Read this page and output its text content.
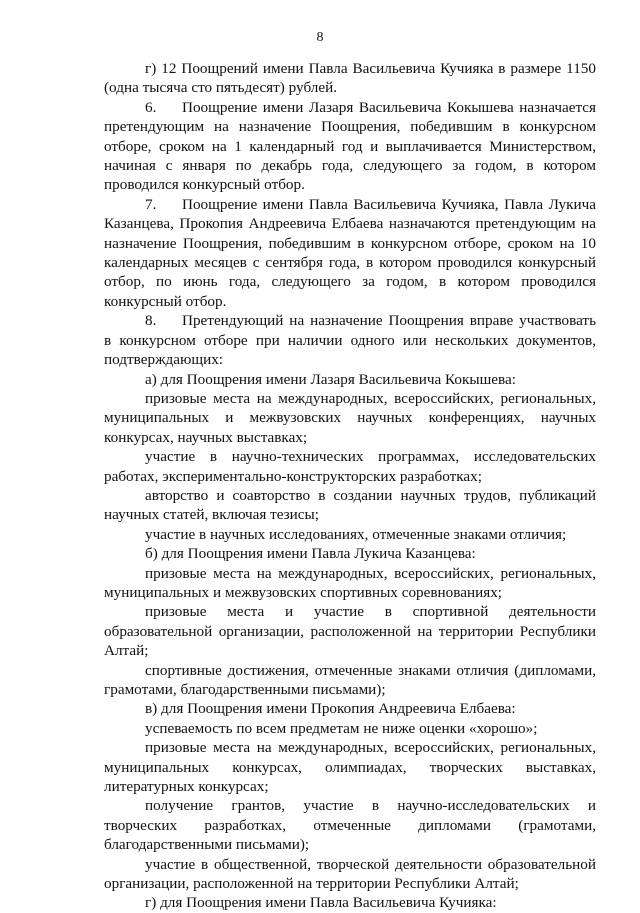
8

г) 12 Поощрений имени Павла Васильевича Кучияка в размере 1150 (одна тысяча сто пятьдесят) рублей.

6. Поощрение имени Лазаря Васильевича Кокышева назначается претендующим на назначение Поощрения, победившим в конкурсном отборе, сроком на 1 календарный год и выплачивается Министерством, начиная с января по декабрь года, следующего за годом, в котором проводился конкурсный отбор.

7. Поощрение имени Павла Васильевича Кучияка, Павла Лукича Казанцева, Прокопия Андреевича Елбаева назначаются претендующим на назначение Поощрения, победившим в конкурсном отборе, сроком на 10 календарных месяцев с сентября года, в котором проводился конкурсный отбор, по июнь года, следующего за годом, в котором проводился конкурсный отбор.

8. Претендующий на назначение Поощрения вправе участвовать в конкурсном отборе при наличии одного или нескольких документов, подтверждающих:

а) для Поощрения имени Лазаря Васильевича Кокышева:

призовые места на международных, всероссийских, региональных, муниципальных и межвузовских научных конференциях, научных конкурсах, научных выставках;

участие в научно-технических программах, исследовательских работах, экспериментально-конструкторских разработках;

авторство и соавторство в создании научных трудов, публикаций научных статей, включая тезисы;

участие в научных исследованиях, отмеченные знаками отличия;

б) для Поощрения имени Павла Лукича Казанцева:

призовые места на международных, всероссийских, региональных, муниципальных и межвузовских спортивных соревнованиях;

призовые места и участие в спортивной деятельности образовательной организации, расположенной на территории Республики Алтай;

спортивные достижения, отмеченные знаками отличия (дипломами, грамотами, благодарственными письмами);

в) для Поощрения имени Прокопия Андреевича Елбаева:

успеваемость по всем предметам не ниже оценки «хорошо»;

призовые места на международных, всероссийских, региональных, муниципальных конкурсах, олимпиадах, творческих выставках, литературных конкурсах;

получение грантов, участие в научно-исследовательских и творческих разработках, отмеченные дипломами (грамотами, благодарственными письмами);

участие в общественной, творческой деятельности образовательной организации, расположенной на территории Республики Алтай;

г) для Поощрения имени Павла Васильевича Кучияка:
